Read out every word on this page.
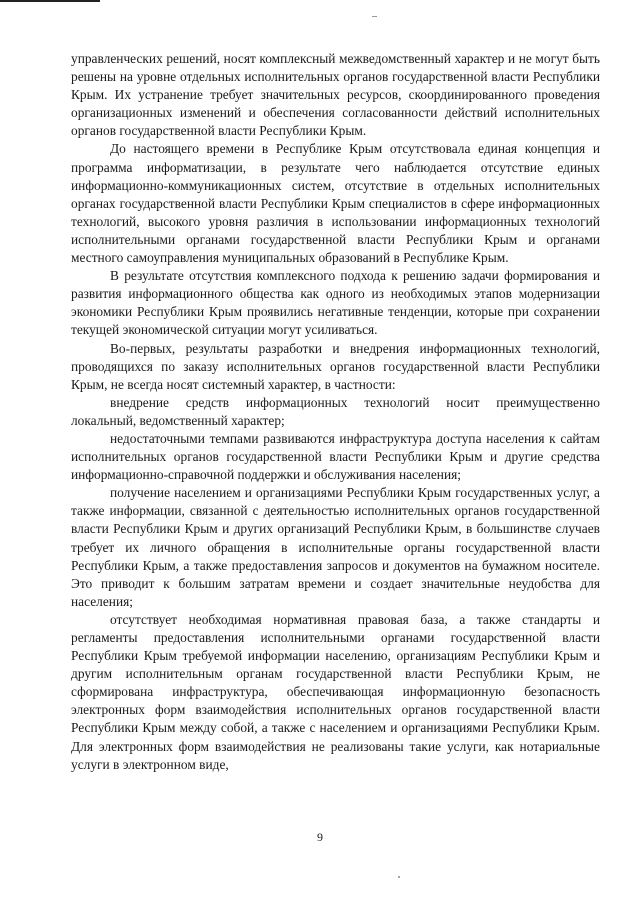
управленческих решений, носят комплексный межведомственный характер и не могут быть решены на уровне отдельных исполнительных органов государственной власти Республики Крым. Их устранение требует значительных ресурсов, скоординированного проведения организационных изменений и обеспечения согласованности действий исполнительных органов государственной власти Республики Крым.

До настоящего времени в Республике Крым отсутствовала единая концепция и программа информатизации, в результате чего наблюдается отсутствие единых информационно-коммуникационных систем, отсутствие в отдельных исполнительных органах государственной власти Республики Крым специалистов в сфере информационных технологий, высокого уровня различия в использовании информационных технологий исполнительными органами государственной власти Республики Крым и органами местного самоуправления муниципальных образований в Республике Крым.

В результате отсутствия комплексного подхода к решению задачи формирования и развития информационного общества как одного из необходимых этапов модернизации экономики Республики Крым проявились негативные тенденции, которые при сохранении текущей экономической ситуации могут усиливаться.

Во-первых, результаты разработки и внедрения информационных технологий, проводящихся по заказу исполнительных органов государственной власти Республики Крым, не всегда носят системный характер, в частности:

внедрение средств информационных технологий носит преимущественно локальный, ведомственный характер;

недостаточными темпами развиваются инфраструктура доступа населения к сайтам исполнительных органов государственной власти Республики Крым и другие средства информационно-справочной поддержки и обслуживания населения;

получение населением и организациями Республики Крым государственных услуг, а также информации, связанной с деятельностью исполнительных органов государственной власти Республики Крым и других организаций Республики Крым, в большинстве случаев требует их личного обращения в исполнительные органы государственной власти Республики Крым, а также предоставления запросов и документов на бумажном носителе. Это приводит к большим затратам времени и создает значительные неудобства для населения;

отсутствует необходимая нормативная правовая база, а также стандарты и регламенты предоставления исполнительными органами государственной власти Республики Крым требуемой информации населению, организациям Республики Крым и другим исполнительным органам государственной власти Республики Крым, не сформирована инфраструктура, обеспечивающая информационную безопасность электронных форм взаимодействия исполнительных органов государственной власти Республики Крым между собой, а также с населением и организациями Республики Крым. Для электронных форм взаимодействия не реализованы такие услуги, как нотариальные услуги в электронном виде,

9
